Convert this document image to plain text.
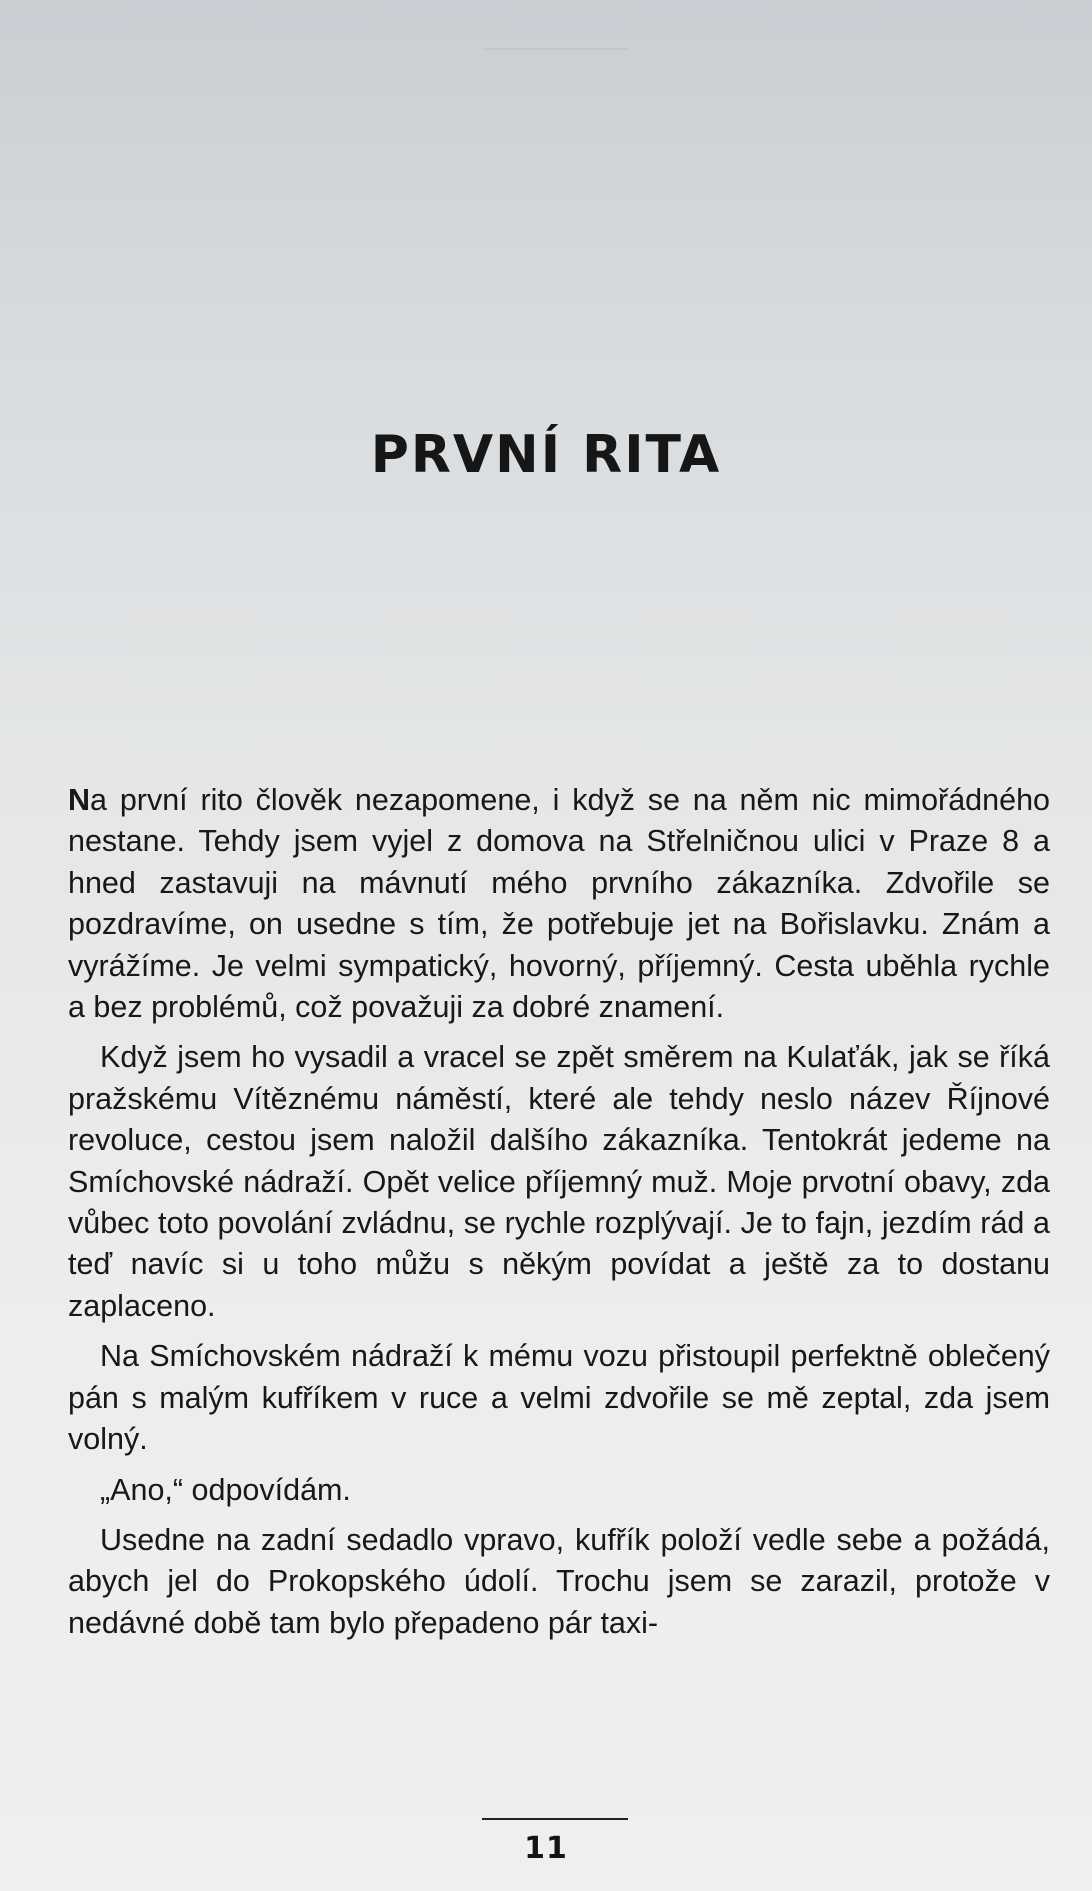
PRVNÍ RITA

Na první rito člověk nezapomene, i když se na něm nic mimořádného nestane. Tehdy jsem vyjel z domova na Střelničnou ulici v Praze 8 a hned zastavuji na mávnutí mého prvního zákazníka. Zdvořile se pozdravíme, on usedne s tím, že potřebuje jet na Bořislavku. Znám a vyrážíme. Je velmi sympatický, hovorný, příjemný. Cesta uběhla rychle a bez problémů, což považuji za dobré znamení.

Když jsem ho vysadil a vracel se zpět směrem na Kulaťák, jak se říká pražskému Vítěznému náměstí, které ale tehdy neslo název Říjnové revoluce, cestou jsem naložil dalšího zákazníka. Tentokrát jedeme na Smíchovské nádraží. Opět velice příjemný muž. Moje prvotní obavy, zda vůbec toto povolání zvládnu, se rychle rozplývají. Je to fajn, jezdím rád a teď navíc si u toho můžu s někým povídat a ještě za to dostanu zaplaceno.

Na Smíchovském nádraží k mému vozu přistoupil perfektně oblečený pán s malým kufříkem v ruce a velmi zdvořile se mě zeptal, zda jsem volný.

„Ano,“ odpovídám.

Usedne na zadní sedadlo vpravo, kufřík položí vedle sebe a požádá, abych jel do Prokopského údolí. Trochu jsem se zarazil, protože v nedávné době tam bylo přepadeno pár taxi-

11
